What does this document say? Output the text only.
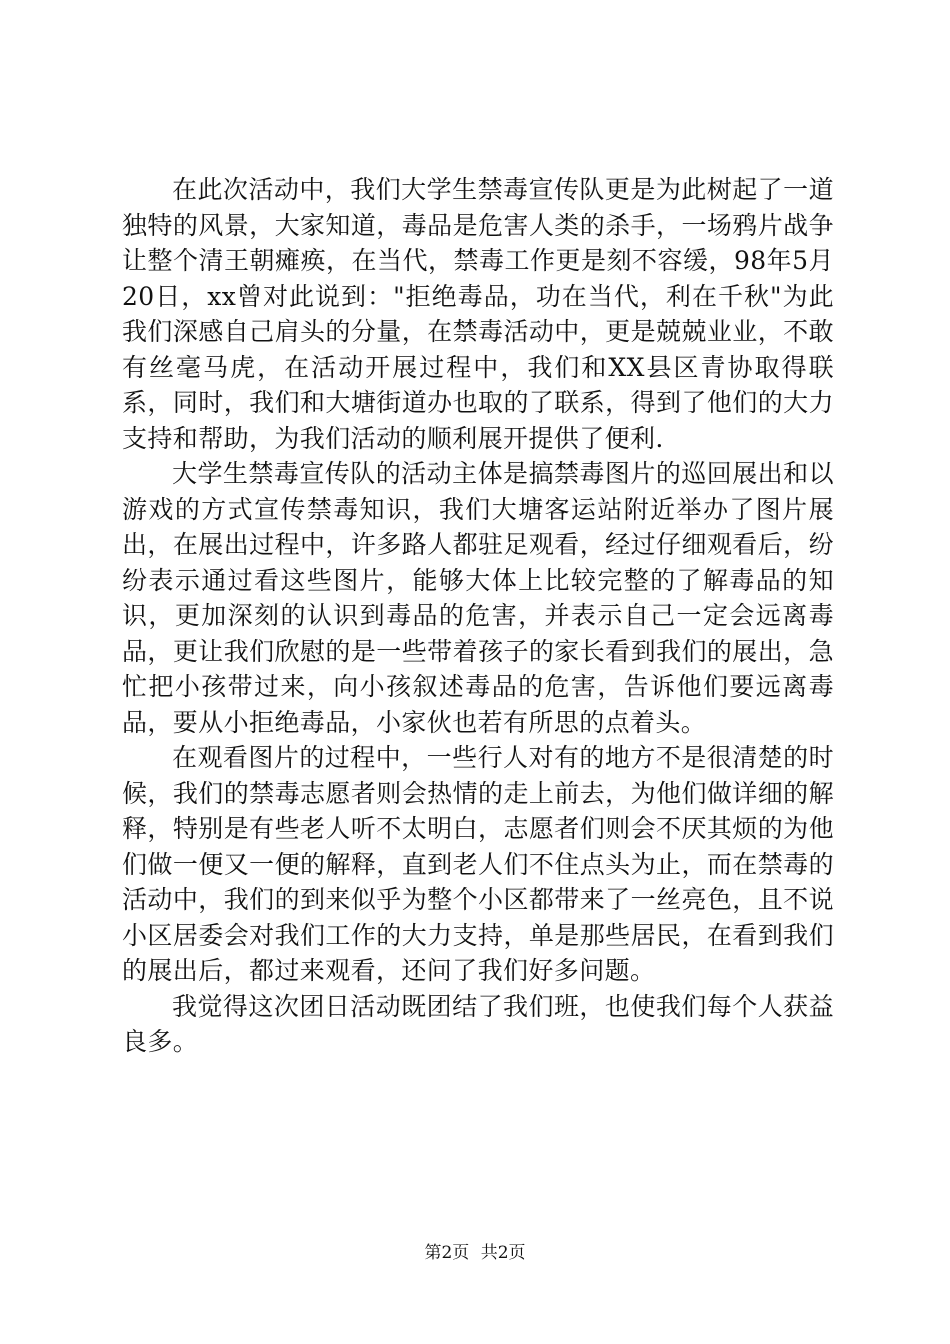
在此次活动中，我们大学生禁毒宣传队更是为此树起了一道独特的风景，大家知道，毒品是危害人类的杀手，一场鸦片战争让整个清王朝瘫痪，在当代，禁毒工作更是刻不容缓，98年5月20日，xx曾对此说到："拒绝毒品，功在当代，利在千秋"为此我们深感自己肩头的分量，在禁毒活动中，更是兢兢业业，不敢有丝毫马虎，在活动开展过程中，我们和XX县区青协取得联系，同时，我们和大塘街道办也取的了联系，得到了他们的大力支持和帮助，为我们活动的顺利展开提供了便利.

大学生禁毒宣传队的活动主体是搞禁毒图片的巡回展出和以游戏的方式宣传禁毒知识，我们大塘客运站附近举办了图片展出，在展出过程中，许多路人都驻足观看，经过仔细观看后，纷纷表示通过看这些图片，能够大体上比较完整的了解毒品的知识，更加深刻的认识到毒品的危害，并表示自己一定会远离毒品，更让我们欣慰的是一些带着孩子的家长看到我们的展出，急忙把小孩带过来，向小孩叙述毒品的危害，告诉他们要远离毒品，要从小拒绝毒品，小家伙也若有所思的点着头。

在观看图片的过程中，一些行人对有的地方不是很清楚的时候，我们的禁毒志愿者则会热情的走上前去，为他们做详细的解释，特别是有些老人听不太明白，志愿者们则会不厌其烦的为他们做一便又一便的解释，直到老人们不住点头为止，而在禁毒的活动中，我们的到来似乎为整个小区都带来了一丝亮色，且不说小区居委会对我们工作的大力支持，单是那些居民，在看到我们的展出后，都过来观看，还问了我们好多问题。

我觉得这次团日活动既团结了我们班，也使我们每个人获益良多。

第2页 共2页
